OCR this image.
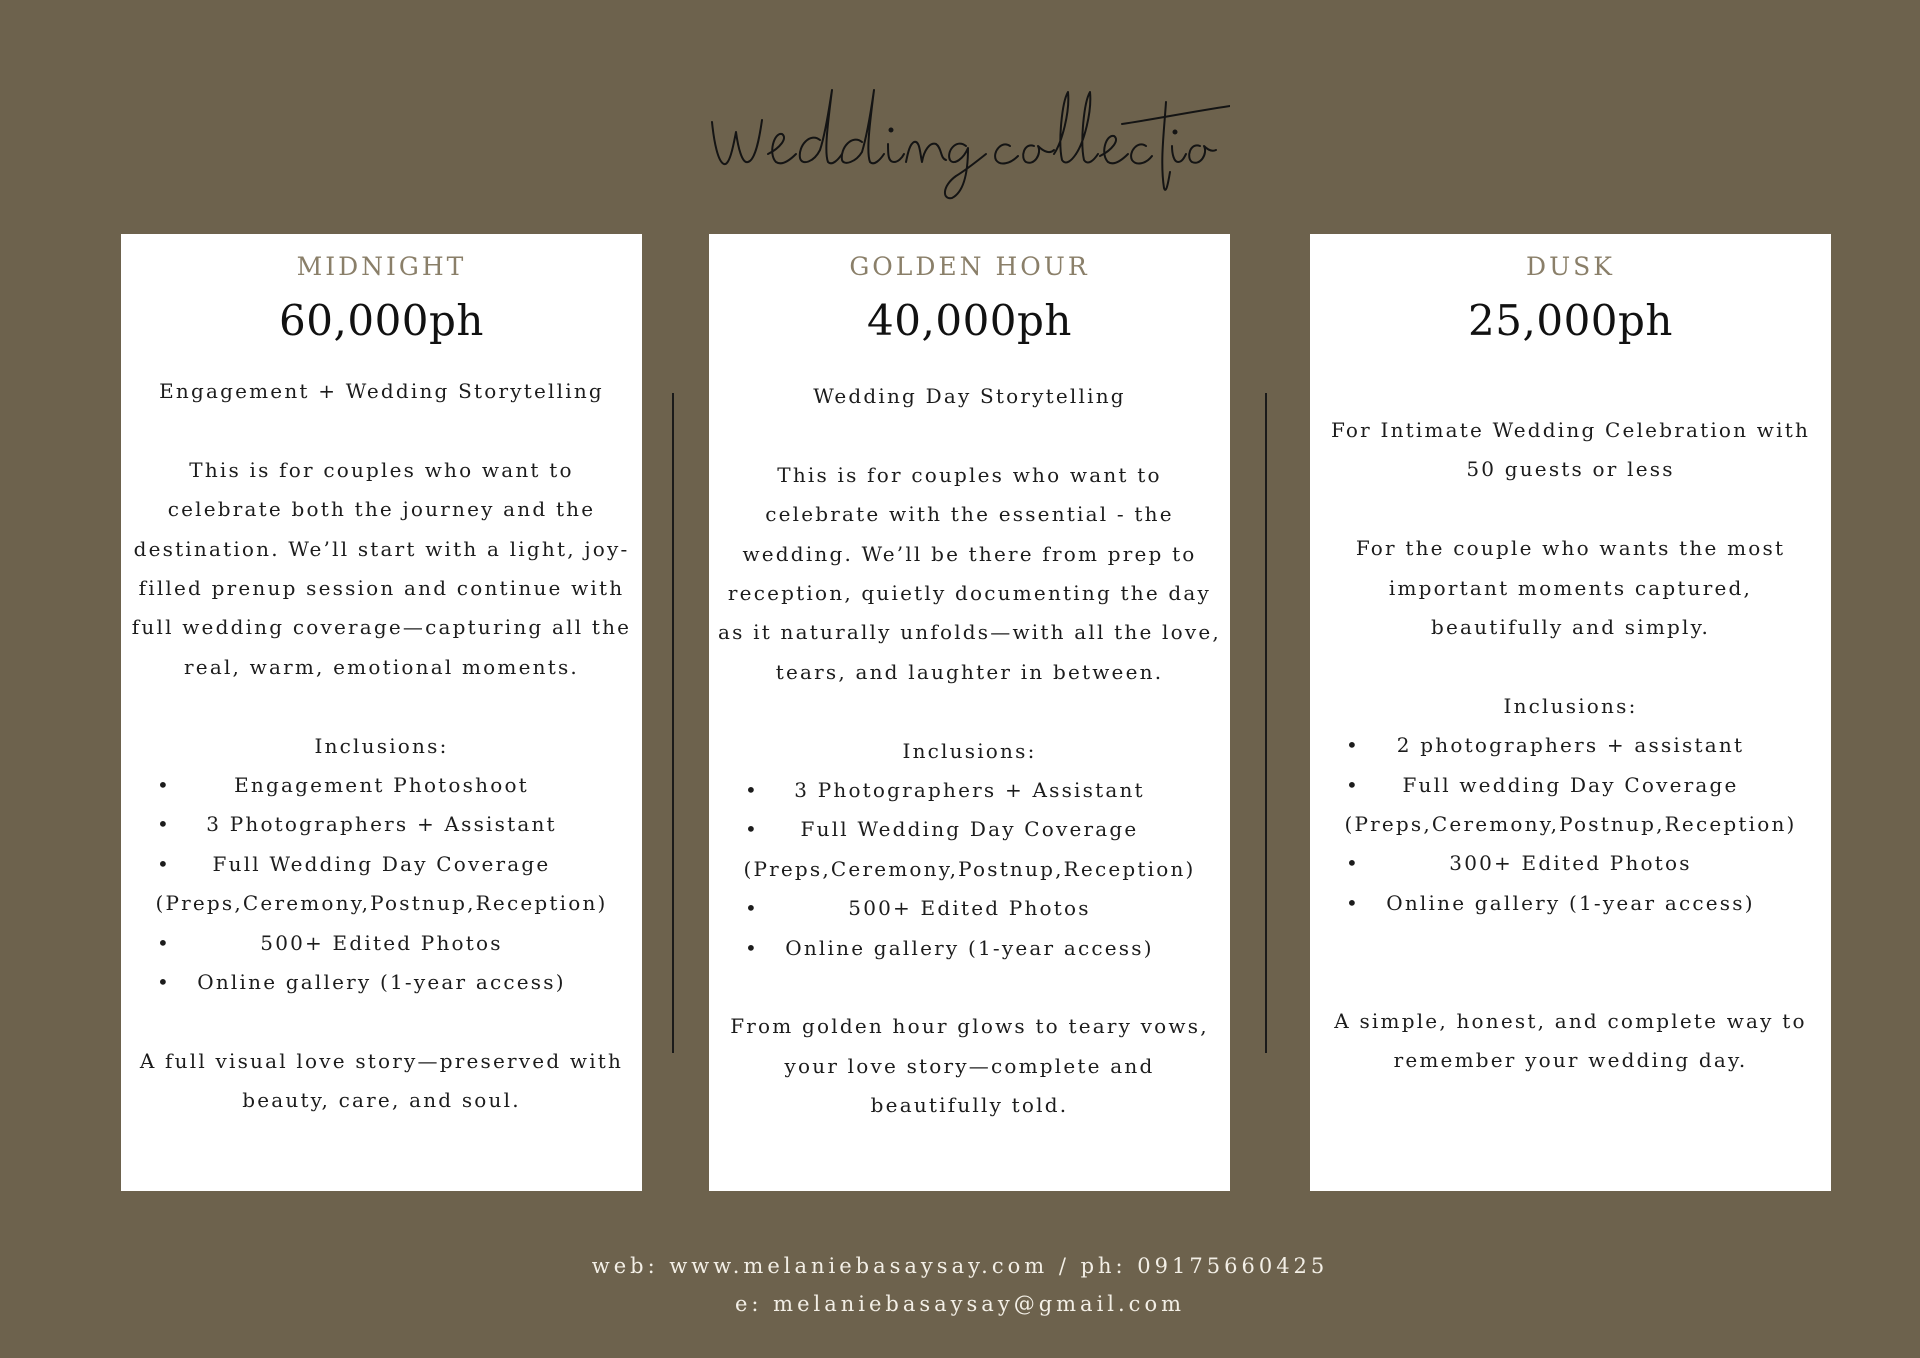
MIDNIGHT
60,000ph
Engagement + Wedding Storytelling
This is for couples who want to
celebrate both the journey and the
destination. We’ll start with a light, joy-
filled prenup session and continue with
full wedding coverage—capturing all the
real, warm, emotional moments.
Inclusions:
•	Engagement Photoshoot
• 3 Photographers + Assistant
• Full Wedding Day Coverage
(Preps,Ceremony,Postnup,Reception)
•	500+ Edited Photos
• Online gallery (1-year access)
A full visual love story—preserved with
beauty, care, and soul.
GOLDEN HOUR
40,000ph
Wedding Day Storytelling
This is for couples who want to
celebrate with the essential - the
wedding. We’ll be there from prep to
reception, quietly documenting the day
as it naturally unfolds—with all the love,
tears, and laughter in between.
Inclusions:
• 3 Photographers + Assistant
• Full Wedding Day Coverage
(Preps,Ceremony,Postnup,Reception)
•	500+ Edited Photos
• Online gallery (1-year access)
From golden hour glows to teary vows,
your love story—complete and
beautifully told.
DUSK
25,000ph
For Intimate Wedding Celebration with
50 guests or less
For the couple who wants the most
important moments captured,
beautifully and simply.
Inclusions:
• 2 photographers + assistant
• Full wedding Day Coverage
(Preps,Ceremony,Postnup,Reception)
•	300+ Edited Photos
• Online gallery (1-year access)
A simple, honest, and complete way to
remember your wedding day.
web: www.melaniebasaysay.com / ph: 09175660425
e: melaniebasaysay@gmail.com
